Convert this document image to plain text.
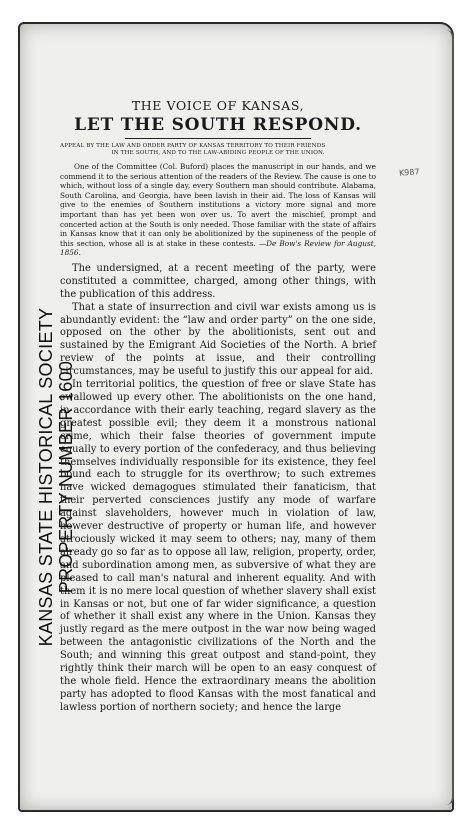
KANSAS STATE HISTORICAL SOCIETY PROPERTY NUMBER 1600
K987
THE VOICE OF KANSAS,
LET THE SOUTH RESPOND.
APPEAL BY THE LAW AND ORDER PARTY OF KANSAS TERRITORY TO THEIR FRIENDS
IN THE SOUTH, AND TO THE LAW-ABIDING PEOPLE OF THE UNION.
One of the Committee (Col. Buford) places the manuscript in our hands, and we commend it to the serious attention of the readers of the Review. The cause is one to which, without loss of a single day, every Southern man should contribute. Alabama, South Carolina, and Georgia, have been lavish in their aid. The loss of Kansas will give to the enemies of Southern institutions a victory more signal and more important than has yet been won over us. To avert the mischief, prompt and concerted action at the South is only needed. Those familiar with the state of affairs in Kansas know that it can only be abolitionized by the supineness of the people of this section, whose all is at stake in these contests. —De Bow's Review for August, 1856.

The undersigned, at a recent meeting of the party, were constituted a committee, charged, among other things, with the publication of this address.

That a state of insurrection and civil war exists among us is abundantly evident: the “law and order party” on the one side, opposed on the other by the abolitionists, sent out and sustained by the Emigrant Aid Societies of the North. A brief review of the points at issue, and their controlling circumstances, may be useful to justify this our appeal for aid.

In territorial politics, the question of free or slave State has swallowed up every other. The abolitionists on the one hand, in accordance with their early teaching, regard slavery as the greatest possible evil; they deem it a monstrous national crime, which their false theories of government impute equally to every portion of the confederacy, and thus believing themselves individually responsible for its existence, they feel bound each to struggle for its overthrow; to such extremes have wicked demagogues stimulated their fanaticism, that their perverted consciences justify any mode of warfare against slaveholders, however much in violation of law, however destructive of property or human life, and however atrociously wicked it may seem to others; nay, many of them already go so far as to oppose all law, religion, property, order, and subordination among men, as subversive of what they are pleased to call man's natural and inherent equality. And with them it is no mere local question of whether slavery shall exist in Kansas or not, but one of far wider significance, a question of whether it shall exist any where in the Union. Kansas they justly regard as the mere outpost in the war now being waged between the antagonistic civilizations of the North and the South; and winning this great outpost and stand-point, they rightly think their march will be open to an easy conquest of the whole field. Hence the extraordinary means the abolition party has adopted to flood Kansas with the most fanatical and lawless portion of northern society; and hence the large
